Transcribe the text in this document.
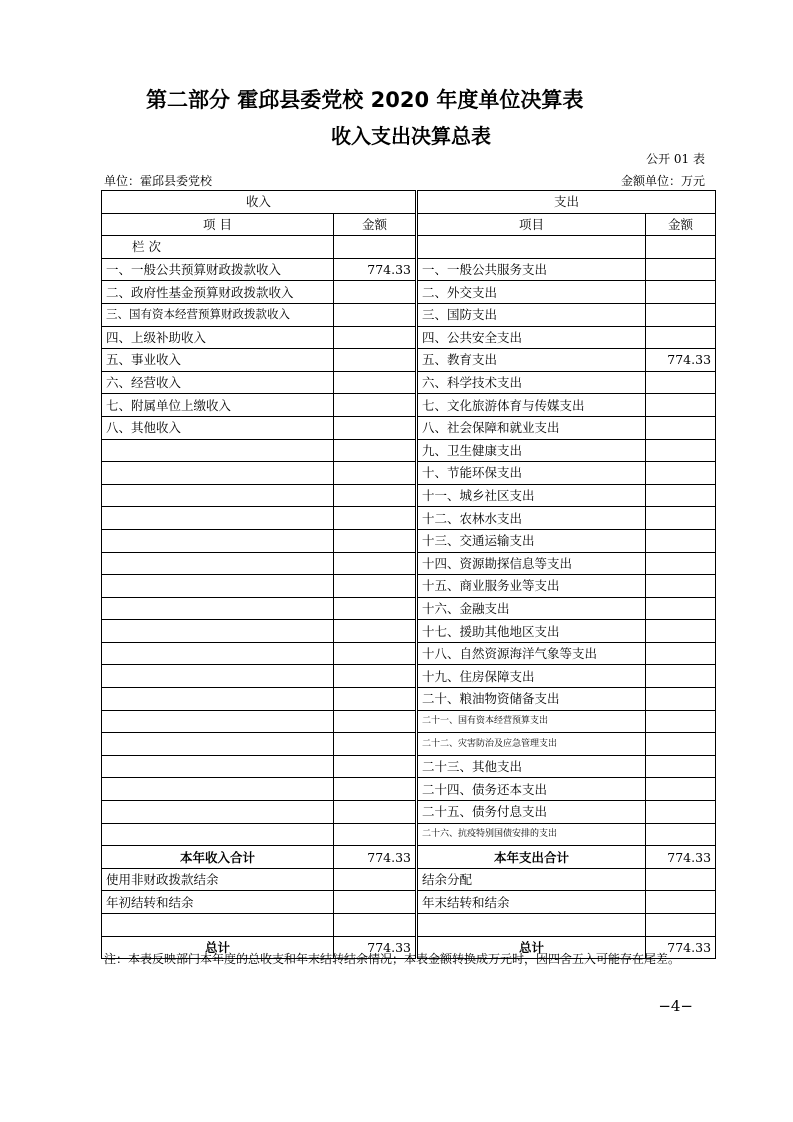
第二部分 霍邱县委党校 2020 年度单位决算表
收入支出决算总表
公开 01 表
单位：霍邱县委党校	金额单位：万元
收入			支出	
项 目	金额		项目	金额
栏 次				
一、一般公共预算财政拨款收入	774.33		一、一般公共服务支出	
二、政府性基金预算财政拨款收入			二、外交支出	
三、国有资本经营预算财政拨款收入			三、国防支出	
四、上级补助收入			四、公共安全支出	
五、事业收入			五、教育支出	774.33
六、经营收入			六、科学技术支出	
七、附属单位上缴收入			七、文化旅游体育与传媒支出	
八、其他收入			八、社会保障和就业支出	
			九、卫生健康支出	
			十、节能环保支出	
			十一、城乡社区支出	
			十二、农林水支出	
			十三、交通运输支出	
			十四、资源勘探信息等支出	
			十五、商业服务业等支出	
			十六、金融支出	
			十七、援助其他地区支出	
			十八、自然资源海洋气象等支出	
			十九、住房保障支出	
			二十、粮油物资储备支出	
			二十一、国有资本经营预算支出	
			二十二、灾害防治及应急管理支出	
			二十三、其他支出	
			二十四、债务还本支出	
			二十五、债务付息支出	
			二十六、抗疫特别国债安排的支出	
本年收入合计	774.33		本年支出合计	774.33
使用非财政拨款结余			结余分配	
年初结转和结余			年末结转和结余	

总计	774.33		总计	774.33
注：本表反映部门本年度的总收支和年末结转结余情况；本表金额转换成万元时，因四舍五入可能存在尾差。
−4−
